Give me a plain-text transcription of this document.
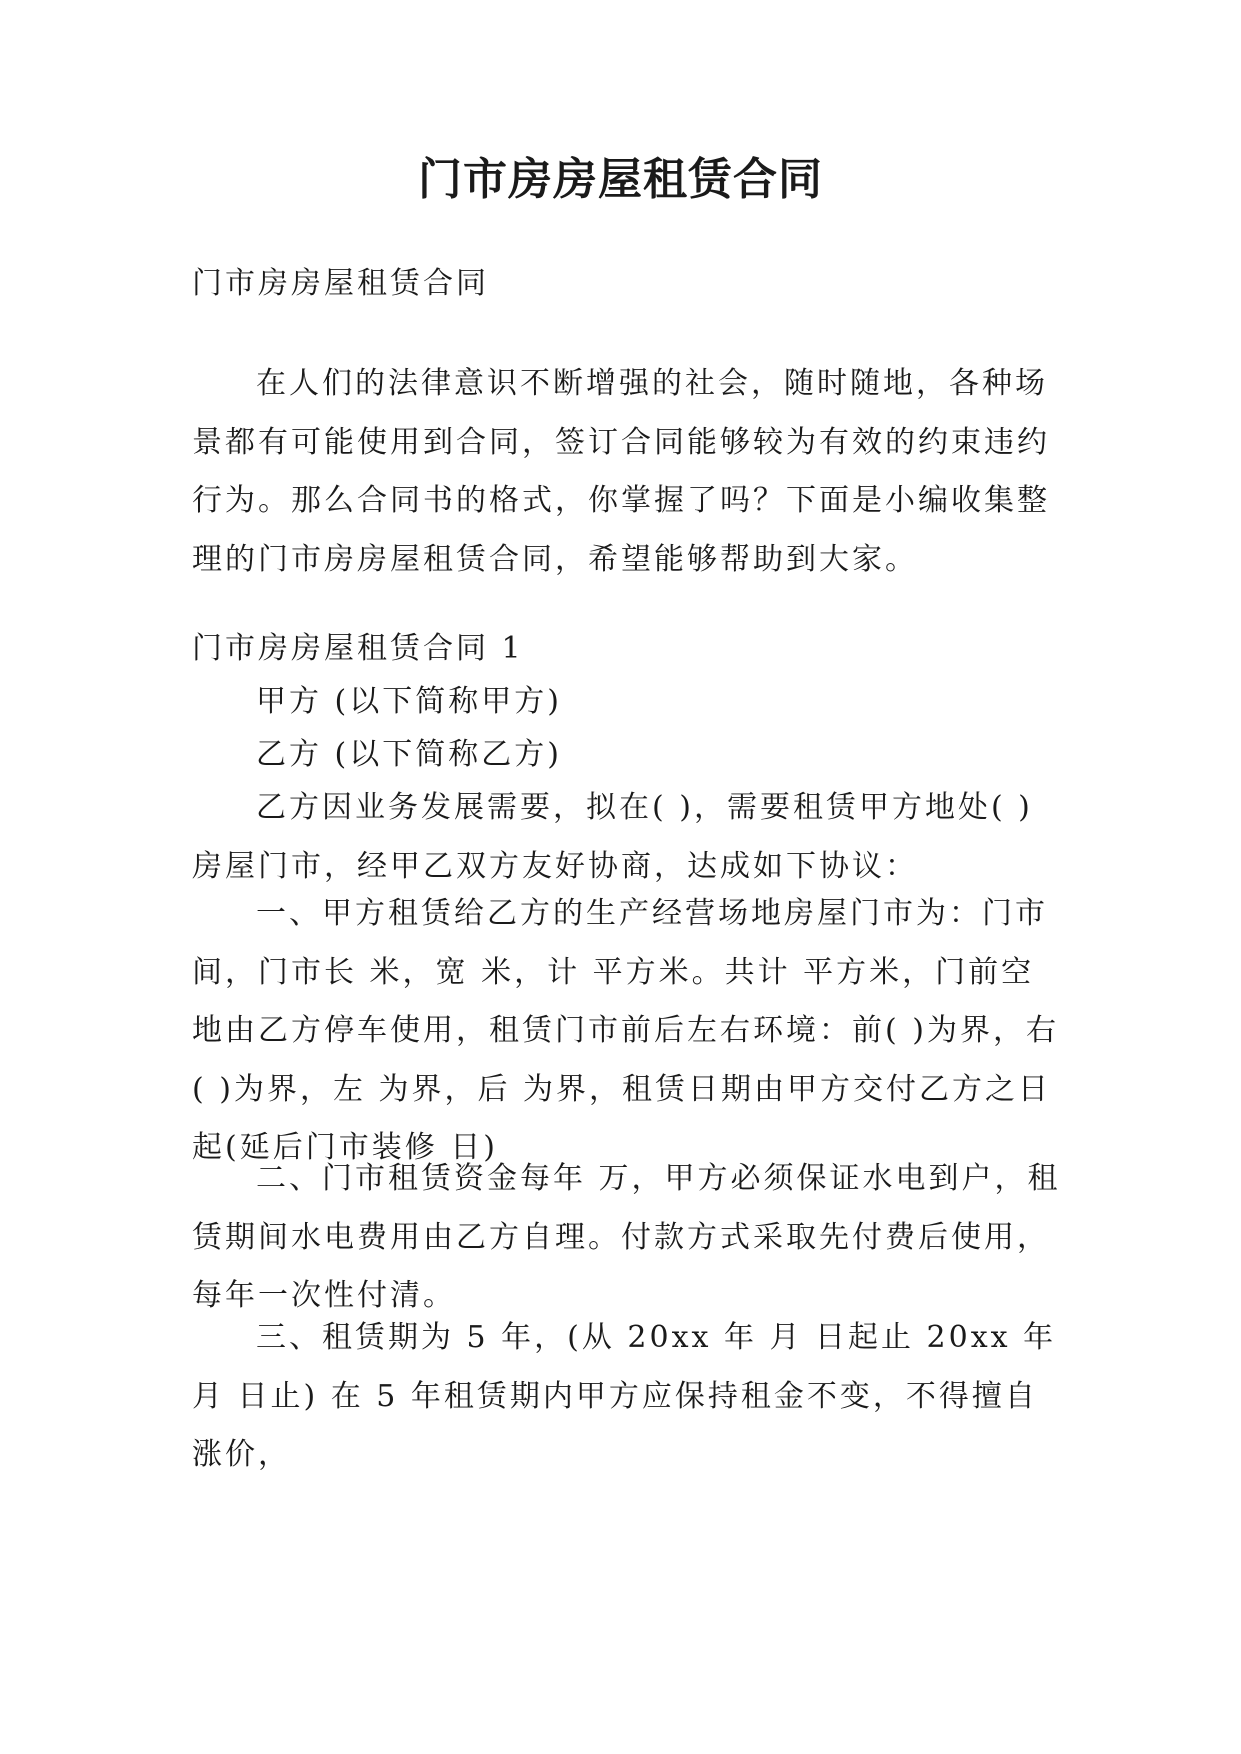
门市房房屋租赁合同

门市房房屋租赁合同

在人们的法律意识不断增强的社会，随时随地，各种场景都有可能使用到合同，签订合同能够较为有效的约束违约行为。那么合同书的格式，你掌握了吗？下面是小编收集整理的门市房房屋租赁合同，希望能够帮助到大家。

门市房房屋租赁合同 1

甲方 (以下简称甲方)

乙方 (以下简称乙方)

乙方因业务发展需要，拟在( )，需要租赁甲方地处( )房屋门市，经甲乙双方友好协商，达成如下协议：

一、甲方租赁给乙方的生产经营场地房屋门市为：门市间，门市长 米，宽 米，计 平方米。共计 平方米，门前空地由乙方停车使用，租赁门市前后左右环境：前( )为界，右( )为界，左 为界，后 为界，租赁日期由甲方交付乙方之日起(延后门市装修 日)

二、门市租赁资金每年 万，甲方必须保证水电到户，租赁期间水电费用由乙方自理。付款方式采取先付费后使用，每年一次性付清。

三、租赁期为 5 年，(从 20xx 年 月 日起止 20xx 年 月 日止) 在 5 年租赁期内甲方应保持租金不变，不得擅自涨价，
